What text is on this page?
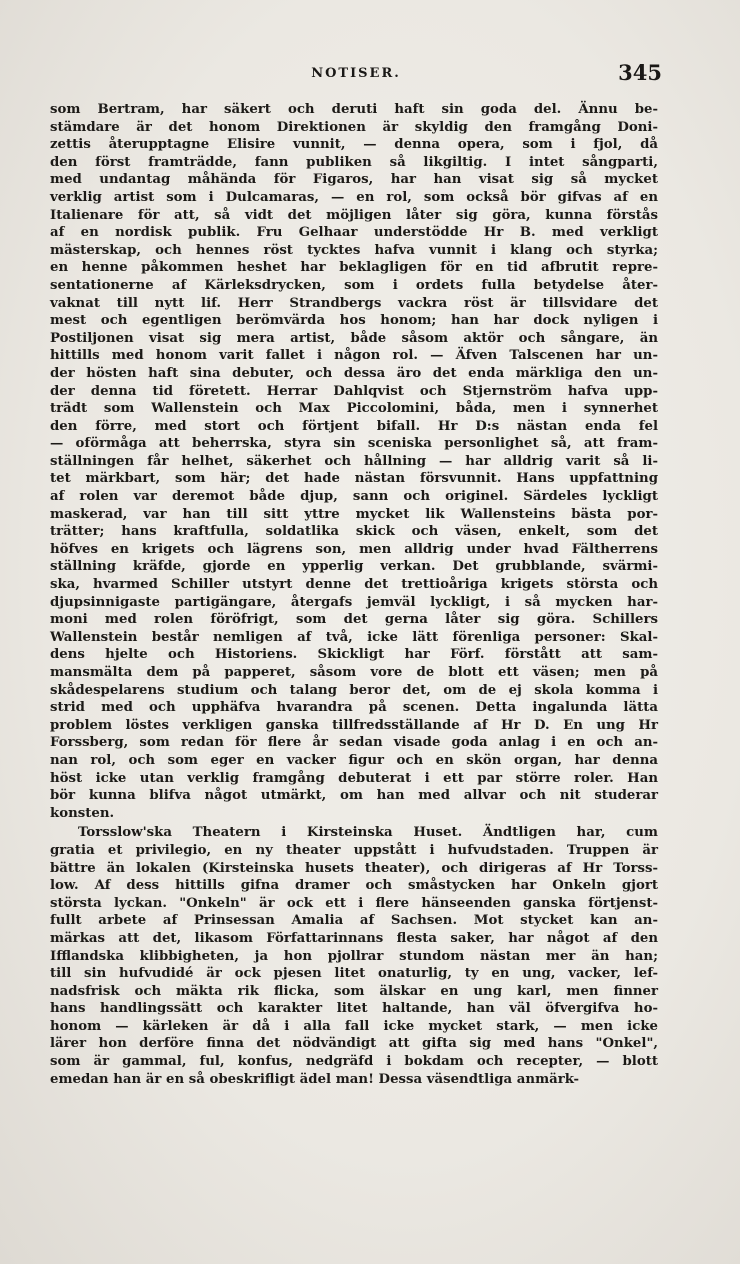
NOTISER.	345
som Bertram, har säkert och deruti haft sin goda del. Ännu be-
stämdare är det honom Direktionen är skyldig den framgång Doni-
zettis återupptagne Elisire vunnit, — denna opera, som i fjol, då
den först framträdde, fann publiken så likgiltig. I intet sångparti,
med undantag måhända för Figaros, har han visat sig så mycket
verklig artist som i Dulcamaras, — en rol, som också bör gifvas af en
Italienare för att, så vidt det möjligen låter sig göra, kunna förstås
af en nordisk publik. Fru Gelhaar understödde Hr B. med verkligt
mästerskap, och hennes röst tycktes hafva vunnit i klang och styrka;
en henne påkommen heshet har beklagligen för en tid afbrutit repre-
sentationerne af Kärleksdrycken, som i ordets fulla betydelse åter-
vaknat till nytt lif. Herr Strandbergs vackra röst är tillsvidare det
mest och egentligen berömvärda hos honom; han har dock nyligen i
Postiljonen visat sig mera artist, både såsom aktör och sångare, än
hittills med honom varit fallet i någon rol. — Äfven Talscenen har un-
der hösten haft sina debuter, och dessa äro det enda märkliga den un-
der denna tid företett. Herrar Dahlqvist och Stjernström hafva upp-
trädt som Wallenstein och Max Piccolomini, båda, men i synnerhet
den förre, med stort och förtjent bifall. Hr D:s nästan enda fel
— oförmåga att beherrska, styra sin sceniska personlighet så, att fram-
ställningen får helhet, säkerhet och hållning — har alldrig varit så li-
tet märkbart, som här; det hade nästan försvunnit. Hans uppfattning
af rolen var deremot både djup, sann och originel. Särdeles lyckligt
maskerad, var han till sitt yttre mycket lik Wallensteins bästa por-
trätter; hans kraftfulla, soldatlika skick och väsen, enkelt, som det
höfves en krigets och lägrens son, men alldrig under hvad Fältherrens
ställning kräfde, gjorde en ypperlig verkan. Det grubblande, svärmi-
ska, hvarmed Schiller utstyrt denne det trettioåriga krigets största och
djupsinnigaste partigängare, återgafs jemväl lyckligt, i så mycken har-
moni med rolen föröfrigt, som det gerna låter sig göra. Schillers
Wallenstein består nemligen af två, icke lätt förenliga personer: Skal-
dens hjelte och Historiens. Skickligt har Förf. förstått att sam-
mansmälta dem på papperet, såsom vore de blott ett väsen; men på
skådespelarens studium och talang beror det, om de ej skola komma i
strid med och upphäfva hvarandra på scenen. Detta ingalunda lätta
problem löstes verkligen ganska tillfredsställande af Hr D. En ung Hr
Forssberg, som redan för flere år sedan visade goda anlag i en och an-
nan rol, och som eger en vacker figur och en skön organ, har denna
höst icke utan verklig framgång debuterat i ett par större roler. Han
bör kunna blifva något utmärkt, om han med allvar och nit studerar
konsten.
Torsslow'ska Theatern i Kirsteinska Huset. Ändtligen har, cum
gratia et privilegio, en ny theater uppstått i hufvudstaden. Truppen är
bättre än lokalen (Kirsteinska husets theater), och dirigeras af Hr Torss-
low. Af dess hittills gifna dramer och småstycken har Onkeln gjort
största lyckan. "Onkeln" är ock ett i flere hänseenden ganska förtjenst-
fullt arbete af Prinsessan Amalia af Sachsen. Mot stycket kan an-
märkas att det, likasom Författarinnans flesta saker, har något af den
Ifflandska klibbigheten, ja hon pjollrar stundom nästan mer än han;
till sin hufvudidé är ock pjesen litet onaturlig, ty en ung, vacker, lef-
nadsfrisk och mäkta rik flicka, som älskar en ung karl, men finner
hans handlingssätt och karakter litet haltande, han väl öfvergifva ho-
honom — kärleken är då i alla fall icke mycket stark, — men icke
lärer hon derföre finna det nödvändigt att gifta sig med hans "Onkel",
som är gammal, ful, konfus, nedgräfd i bokdam och recepter, — blott
emedan han är en så obeskrifligt ädel man! Dessa väsendtliga anmärk-
